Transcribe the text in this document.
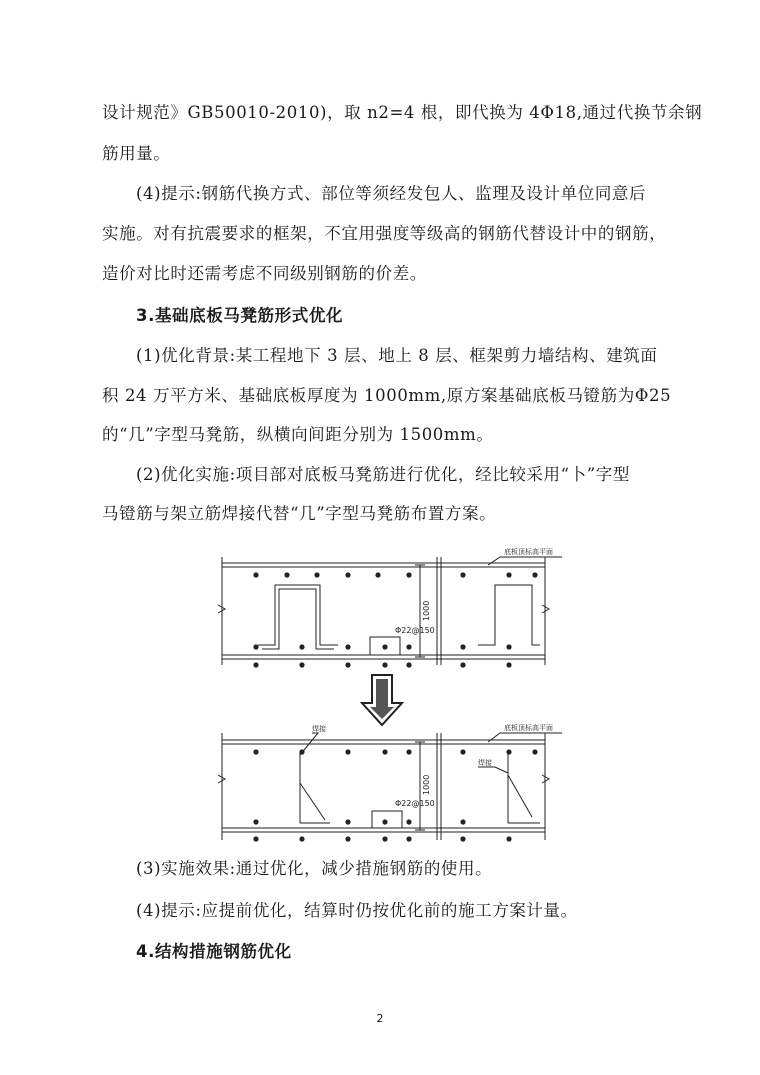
设计规范》GB50010-2010)，取 n2=4 根，即代换为 4Φ18,通过代换节余钢
筋用量。
(4)提示:钢筋代换方式、部位等须经发包人、监理及设计单位同意后
实施。对有抗震要求的框架，不宜用强度等级高的钢筋代替设计中的钢筋，
造价对比时还需考虑不同级别钢筋的价差。
3.基础底板马凳筋形式优化
(1)优化背景:某工程地下 3 层、地上 8 层、框架剪力墙结构、建筑面
积 24 万平方米、基础底板厚度为 1000mm,原方案基础底板马镫筋为Φ25
的“几”字型马凳筋，纵横向间距分别为 1500mm。
(2)优化实施:项目部对底板马凳筋进行优化，经比较采用“卜”字型
马镫筋与架立筋焊接代替“几”字型马凳筋布置方案。
底板顶标高平面
1000
Φ22@150
底板顶标高平面
1000
Φ22@150
焊接
焊接
(3)实施效果:通过优化，减少措施钢筋的使用。
(4)提示:应提前优化，结算时仍按优化前的施工方案计量。
4.结构措施钢筋优化
2
